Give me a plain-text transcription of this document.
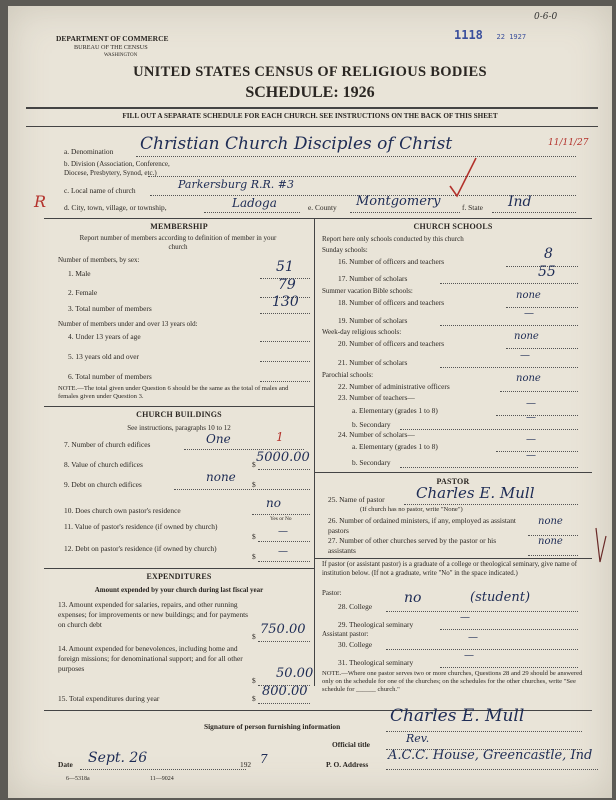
1118 22 1927
0-6-0
DEPARTMENT OF COMMERCE
BUREAU OF THE CENSUS
WASHINGTON
UNITED STATES CENSUS OF RELIGIOUS BODIES
SCHEDULE: 1926
FILL OUT A SEPARATE SCHEDULE FOR EACH CHURCH. SEE INSTRUCTIONS ON THE BACK OF THIS SHEET
a. Denomination Christian Church Disciples of Christ	11/11/27
b. Division (Association, Conference, Diocese, Presbytery, Synod, etc.)
c. Local name of church	Parkersburg R.R. #3
R d. City, town, village, or township,	Ladoga	e. County Montgomery	f. State Ind
MEMBERSHIP
Report number of members according to definition of member in your church
Number of members, by sex:
1. Male	51
2. Female	79
3. Total number of members	130
Number of members under and over 13 years old:
4. Under 13 years of age
5. 13 years old and over
6. Total number of members
NOTE.—The total given under Question 6 should be the same as the total of males and females given under Question 3.
CHURCH BUILDINGS
See instructions, paragraphs 10 to 12
7. Number of church edifices	One	1
8. Value of church edifices	$ 5000.00
9. Debt on church edifices	$
none
10. Does church own pastor's residence
no
Yes or No
11. Value of pastor's residence (if owned by church)
$ —
12. Debt on pastor's residence (if owned by church)
$ —
EXPENDITURES
Amount expended by your church during last fiscal year
13. Amount expended for salaries, repairs, and other running expenses; for improvements or new buildings; and for payments on church debt
$ 750.00
14. Amount expended for benevolences, including home and foreign missions; for denominational support; and for all other purposes
$ 50.00
15. Total expenditures during year	$ 800.00
CHURCH SCHOOLS
Report here only schools conducted by this church
Sunday schools:
16. Number of officers and teachers	8
17. Number of scholars	55
Summer vacation Bible schools:
18. Number of officers and teachers
none
19. Number of scholars
—
Week-day religious schools:
20. Number of officers and teachers
none
21. Number of scholars
—
Parochial schools:
22. Number of administrative officers
none
23. Number of teachers—
a. Elementary (grades 1 to 8)
—
b. Secondary
—
24. Number of scholars—
a. Elementary (grades 1 to 8)
—
b. Secondary
—
PASTOR
25. Name of pastor Charles E. Mull
(If church has no pastor, write "None")
26. Number of ordained ministers, if any, employed as assistant pastors
none
27. Number of other churches served by the pastor or his assistants
none
If pastor (or assistant pastor) is a graduate of a college or theological seminary, give name of institution below. (If not a graduate, write "No" in the space indicated.)
Pastor:
28. College
no	(student)
29. Theological seminary
—
Assistant pastor:
30. College
—
31. Theological seminary
—
NOTE.—Where one pastor serves two or more churches, Questions 28 and 29 should be answered only on the schedule for one of the churches; on the schedules for the other churches, write "See schedule for ______ church."
Signature of person furnishing information
Charles E. Mull
Official title	Rev.
Date Sept. 26	192 7	P. O. Address
A.C.C. House, Greencastle, Ind
6—5318a	11—9024
